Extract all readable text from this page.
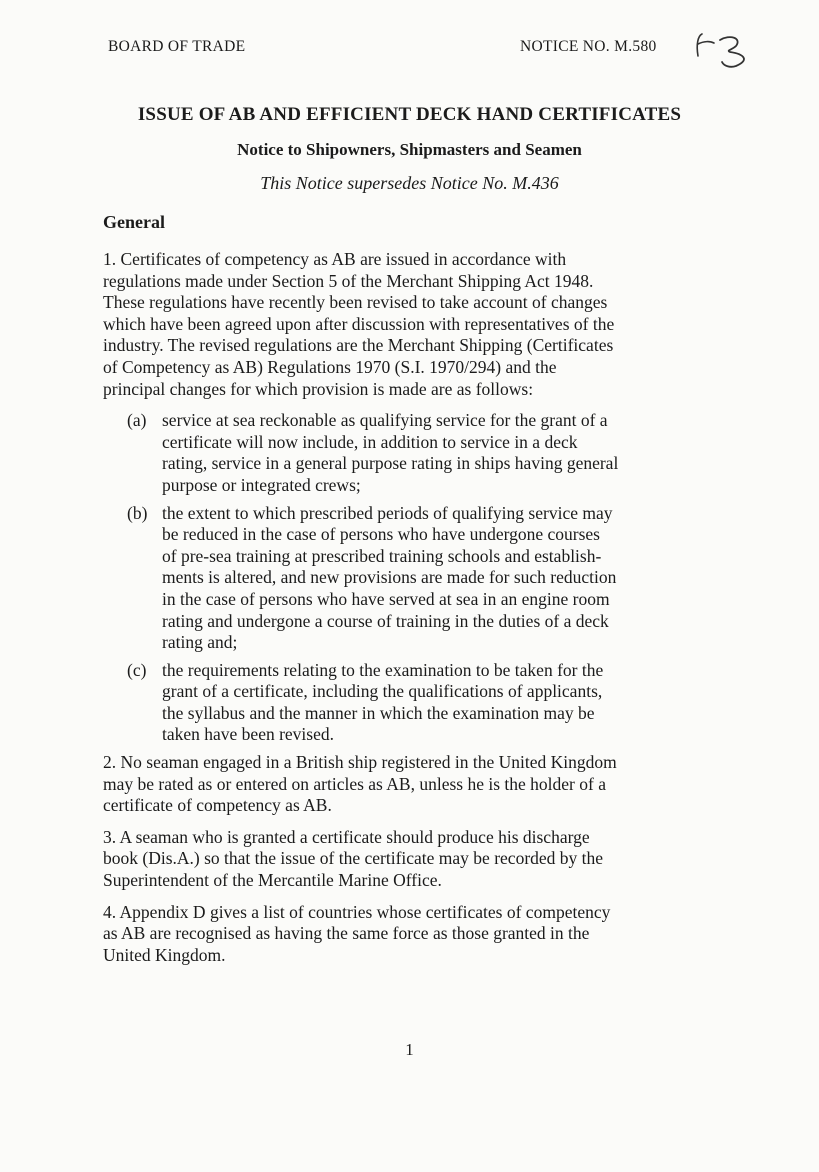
BOARD OF TRADE	NOTICE NO. M.580
ISSUE OF AB AND EFFICIENT DECK HAND CERTIFICATES
Notice to Shipowners, Shipmasters and Seamen
This Notice supersedes Notice No. M.436
General

1. Certificates of competency as AB are issued in accordance with
regulations made under Section 5 of the Merchant Shipping Act 1948.
These regulations have recently been revised to take account of changes
which have been agreed upon after discussion with representatives of the
industry. The revised regulations are the Merchant Shipping (Certificates
of Competency as AB) Regulations 1970 (S.I. 1970/294) and the
principal changes for which provision is made are as follows:

(a) service at sea reckonable as qualifying service for the grant of a
certificate will now include, in addition to service in a deck
rating, service in a general purpose rating in ships having general
purpose or integrated crews;
(b) the extent to which prescribed periods of qualifying service may
be reduced in the case of persons who have undergone courses
of pre-sea training at prescribed training schools and establish-
ments is altered, and new provisions are made for such reduction
in the case of persons who have served at sea in an engine room
rating and undergone a course of training in the duties of a deck
rating and;
(c) the requirements relating to the examination to be taken for the
grant of a certificate, including the qualifications of applicants,
the syllabus and the manner in which the examination may be
taken have been revised.

2. No seaman engaged in a British ship registered in the United Kingdom
may be rated as or entered on articles as AB, unless he is the holder of a
certificate of competency as AB.

3. A seaman who is granted a certificate should produce his discharge
book (Dis.A.) so that the issue of the certificate may be recorded by the
Superintendent of the Mercantile Marine Office.

4. Appendix D gives a list of countries whose certificates of competency
as AB are recognised as having the same force as those granted in the
United Kingdom.

1
